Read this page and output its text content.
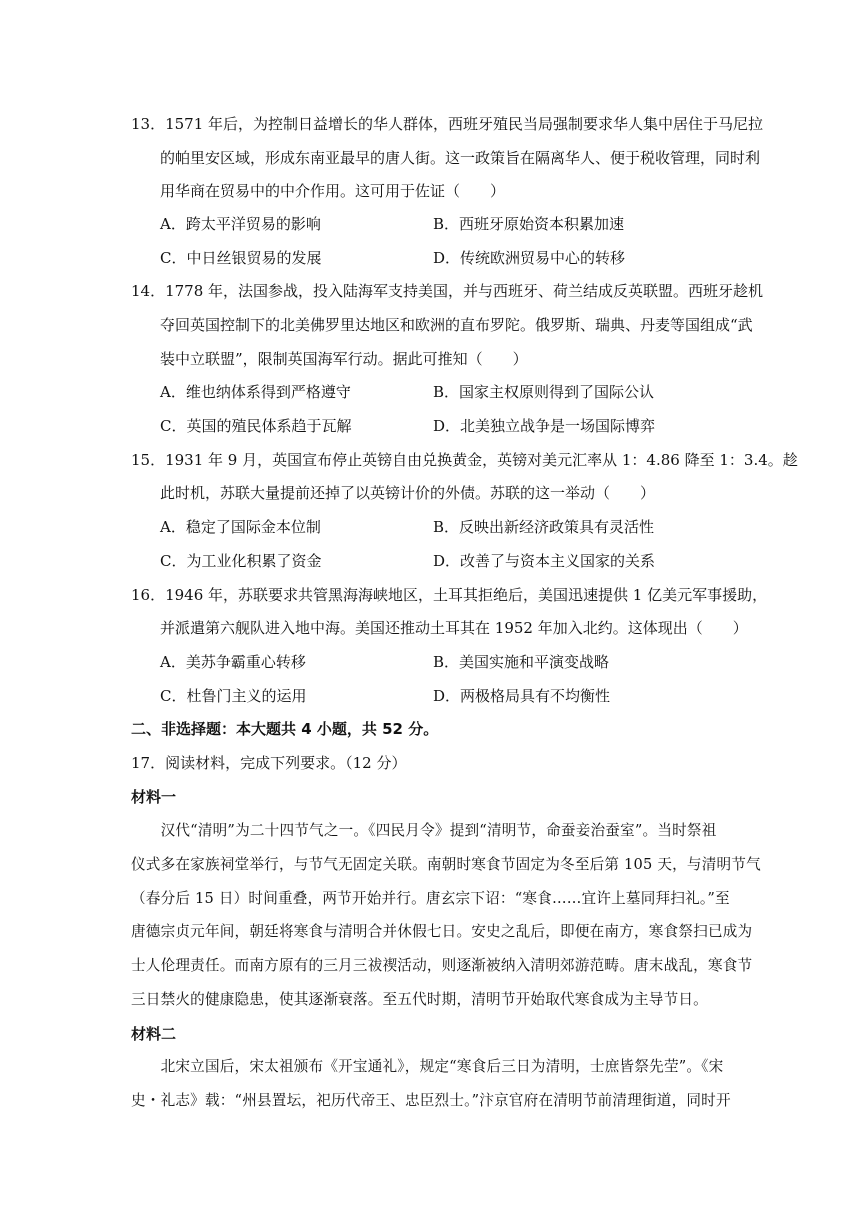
13．1571 年后，为控制日益增长的华人群体，西班牙殖民当局强制要求华人集中居住于马尼拉
的帕里安区域，形成东南亚最早的唐人街。这一政策旨在隔离华人、便于税收管理，同时利
用华商在贸易中的中介作用。这可用于佐证（　　）
A．跨太平洋贸易的影响	B．西班牙原始资本积累加速
C．中日丝银贸易的发展	D．传统欧洲贸易中心的转移
14．1778 年，法国参战，投入陆海军支持美国，并与西班牙、荷兰结成反英联盟。西班牙趁机
夺回英国控制下的北美佛罗里达地区和欧洲的直布罗陀。俄罗斯、瑞典、丹麦等国组成“武
装中立联盟”，限制英国海军行动。据此可推知（　　）
A．维也纳体系得到严格遵守	B．国家主权原则得到了国际公认
C．英国的殖民体系趋于瓦解	D．北美独立战争是一场国际博弈
15．1931 年 9 月，英国宣布停止英镑自由兑换黄金，英镑对美元汇率从 1：4.86 降至 1：3.4。趁
此时机，苏联大量提前还掉了以英镑计价的外债。苏联的这一举动（　　）
A．稳定了国际金本位制	B．反映出新经济政策具有灵活性
C．为工业化积累了资金	D．改善了与资本主义国家的关系
16．1946 年，苏联要求共管黑海海峡地区，土耳其拒绝后，美国迅速提供 1 亿美元军事援助，
并派遣第六舰队进入地中海。美国还推动土耳其在 1952 年加入北约。这体现出（　　）
A．美苏争霸重心转移	B．美国实施和平演变战略
C．杜鲁门主义的运用	D．两极格局具有不均衡性
二、非选择题：本大题共 4 小题，共 52 分。
17．阅读材料，完成下列要求。（12 分）
材料一
　　汉代“清明”为二十四节气之一。《四民月令》提到“清明节，命蚕妾治蚕室”。当时祭祖
仪式多在家族祠堂举行，与节气无固定关联。南朝时寒食节固定为冬至后第 105 天，与清明节气
（春分后 15 日）时间重叠，两节开始并行。唐玄宗下诏：“寒食……宜许上墓同拜扫礼。”至
唐德宗贞元年间，朝廷将寒食与清明合并休假七日。安史之乱后，即便在南方，寒食祭扫已成为
士人伦理责任。而南方原有的三月三祓禊活动，则逐渐被纳入清明郊游范畴。唐末战乱，寒食节
三日禁火的健康隐患，使其逐渐衰落。至五代时期，清明节开始取代寒食成为主导节日。
材料二
　　北宋立国后，宋太祖颁布《开宝通礼》，规定“寒食后三日为清明，士庶皆祭先茔”。《宋
史・礼志》载：“州县置坛，祀历代帝王、忠臣烈士。”汴京官府在清明节前清理街道，同时开
